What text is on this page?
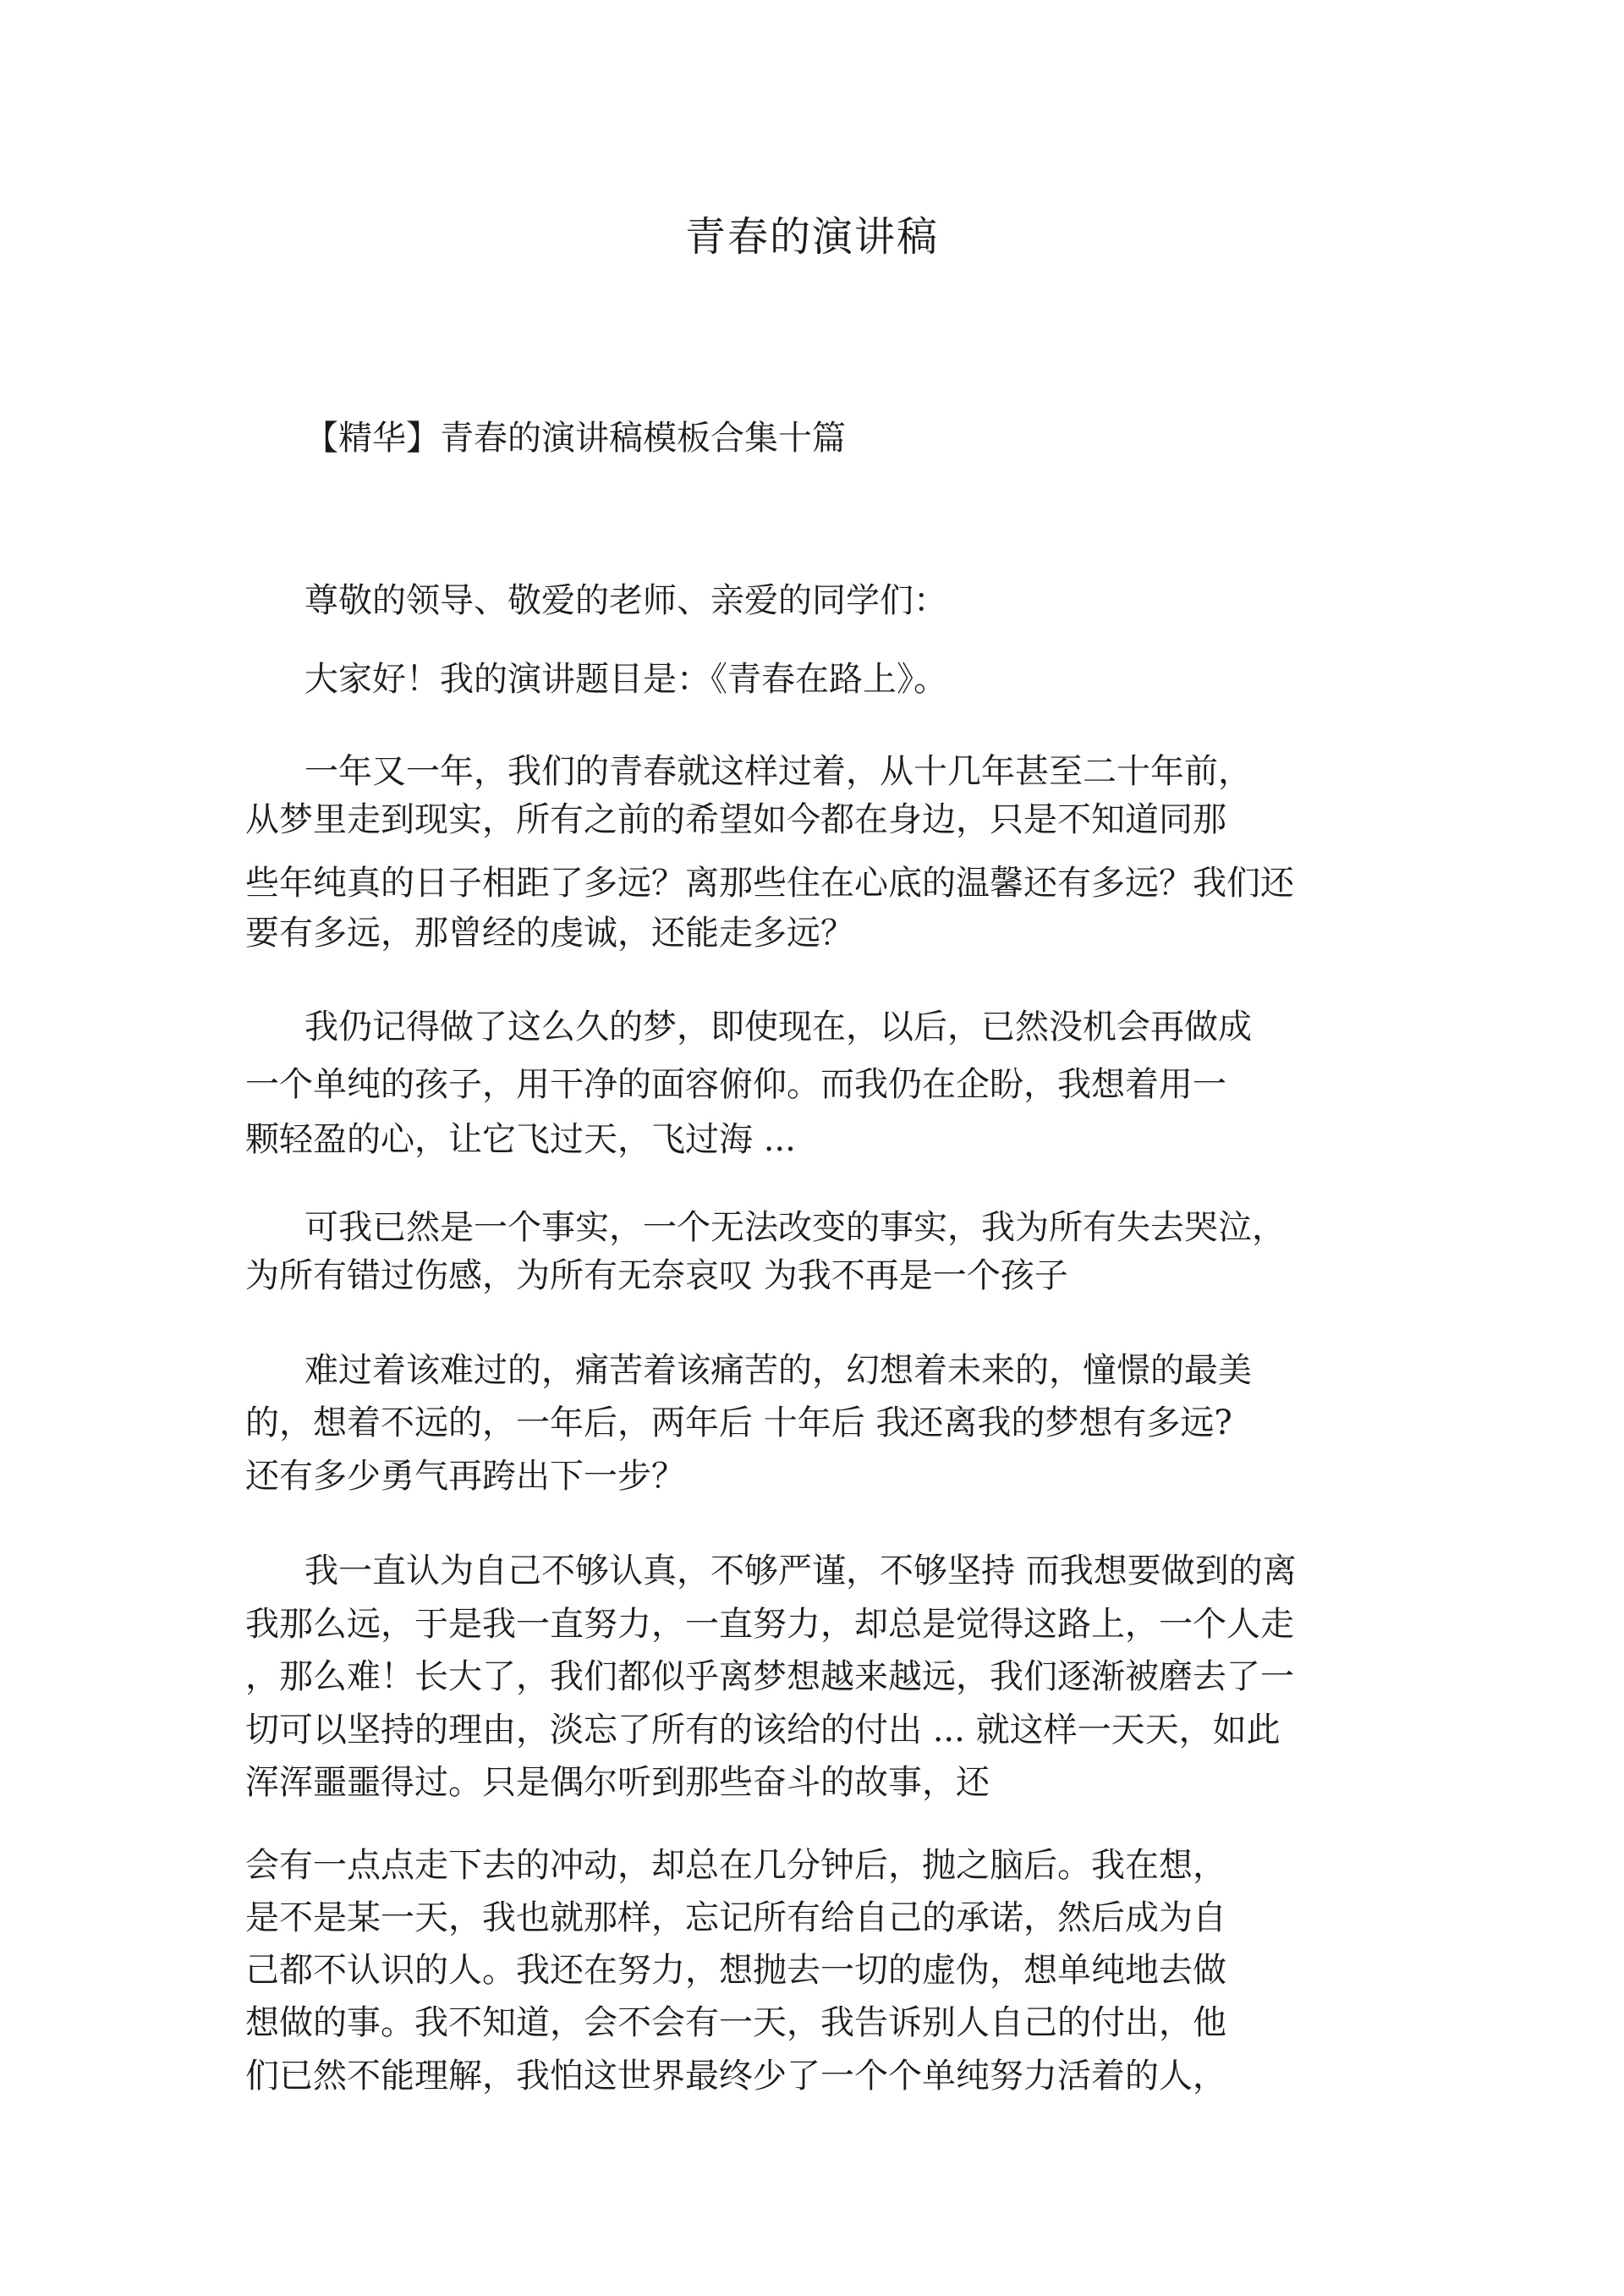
青春的演讲稿
【精华】青春的演讲稿模板合集十篇
尊敬的领导、敬爱的老师、亲爱的同学们：
大家好！我的演讲题目是：《青春在路上》。
一年又一年，我们的青春就这样过着，从十几年甚至二十年前，
从梦里走到现实，所有之前的希望如今都在身边，只是不知道同那
些年纯真的日子相距了多远？离那些住在心底的温馨还有多远？我们还
要有多远，那曾经的虔诚，还能走多远？
我仍记得做了这么久的梦，即使现在，以后，已然没机会再做成
一个单纯的孩子，用干净的面容俯仰。而我仍在企盼，我想着用一
颗轻盈的心，让它飞过天，飞过海 ...
可我已然是一个事实，一个无法改变的事实，我为所有失去哭泣，
为所有错过伤感，为所有无奈哀叹 为我不再是一个孩子
难过着该难过的，痛苦着该痛苦的，幻想着未来的，憧憬的最美
的，想着不远的，一年后，两年后 十年后 我还离我的梦想有多远?
还有多少勇气再跨出下一步？
我一直认为自己不够认真，不够严谨，不够坚持 而我想要做到的离
我那么远，于是我一直努力，一直努力，却总是觉得这路上，一个人走
，那么难！长大了，我们都似乎离梦想越来越远，我们逐渐被磨去了一
切可以坚持的理由，淡忘了所有的该给的付出 ... 就这样一天天，如此
浑浑噩噩得过。只是偶尔听到那些奋斗的故事，还
会有一点点走下去的冲动，却总在几分钟后，抛之脑后。我在想，
是不是某一天，我也就那样，忘记所有给自己的承诺，然后成为自
己都不认识的人。我还在努力，想抛去一切的虚伪，想单纯地去做
想做的事。我不知道，会不会有一天，我告诉别人自己的付出，他
们已然不能理解，我怕这世界最终少了一个个单纯努力活着的人，
